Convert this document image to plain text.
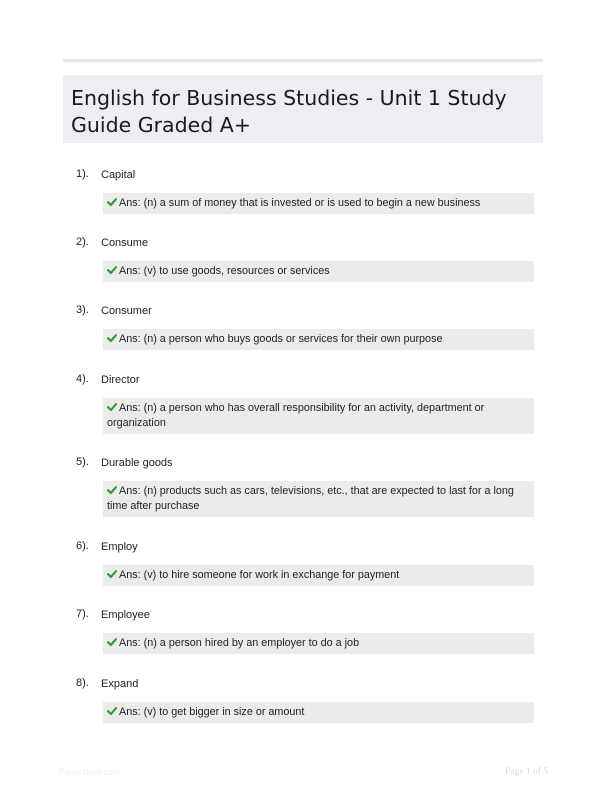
English for Business Studies - Unit 1 Study Guide Graded A+
1). Capital
Ans: (n) a sum of money that is invested or is used to begin a new business
2). Consume
Ans: (v) to use goods, resources or services
3). Consumer
Ans: (n) a person who buys goods or services for their own purpose
4). Director
Ans: (n) a person who has overall responsibility for an activity, department or organization
5). Durable goods
Ans: (n) products such as cars, televisions, etc., that are expected to last for a long time after purchase
6). Employ
Ans: (v) to hire someone for work in exchange for payment
7). Employee
Ans: (n) a person hired by an employer to do a job
8). Expand
Ans: (v) to get bigger in size or amount
Paperstudi.com	Page 1 of 5
